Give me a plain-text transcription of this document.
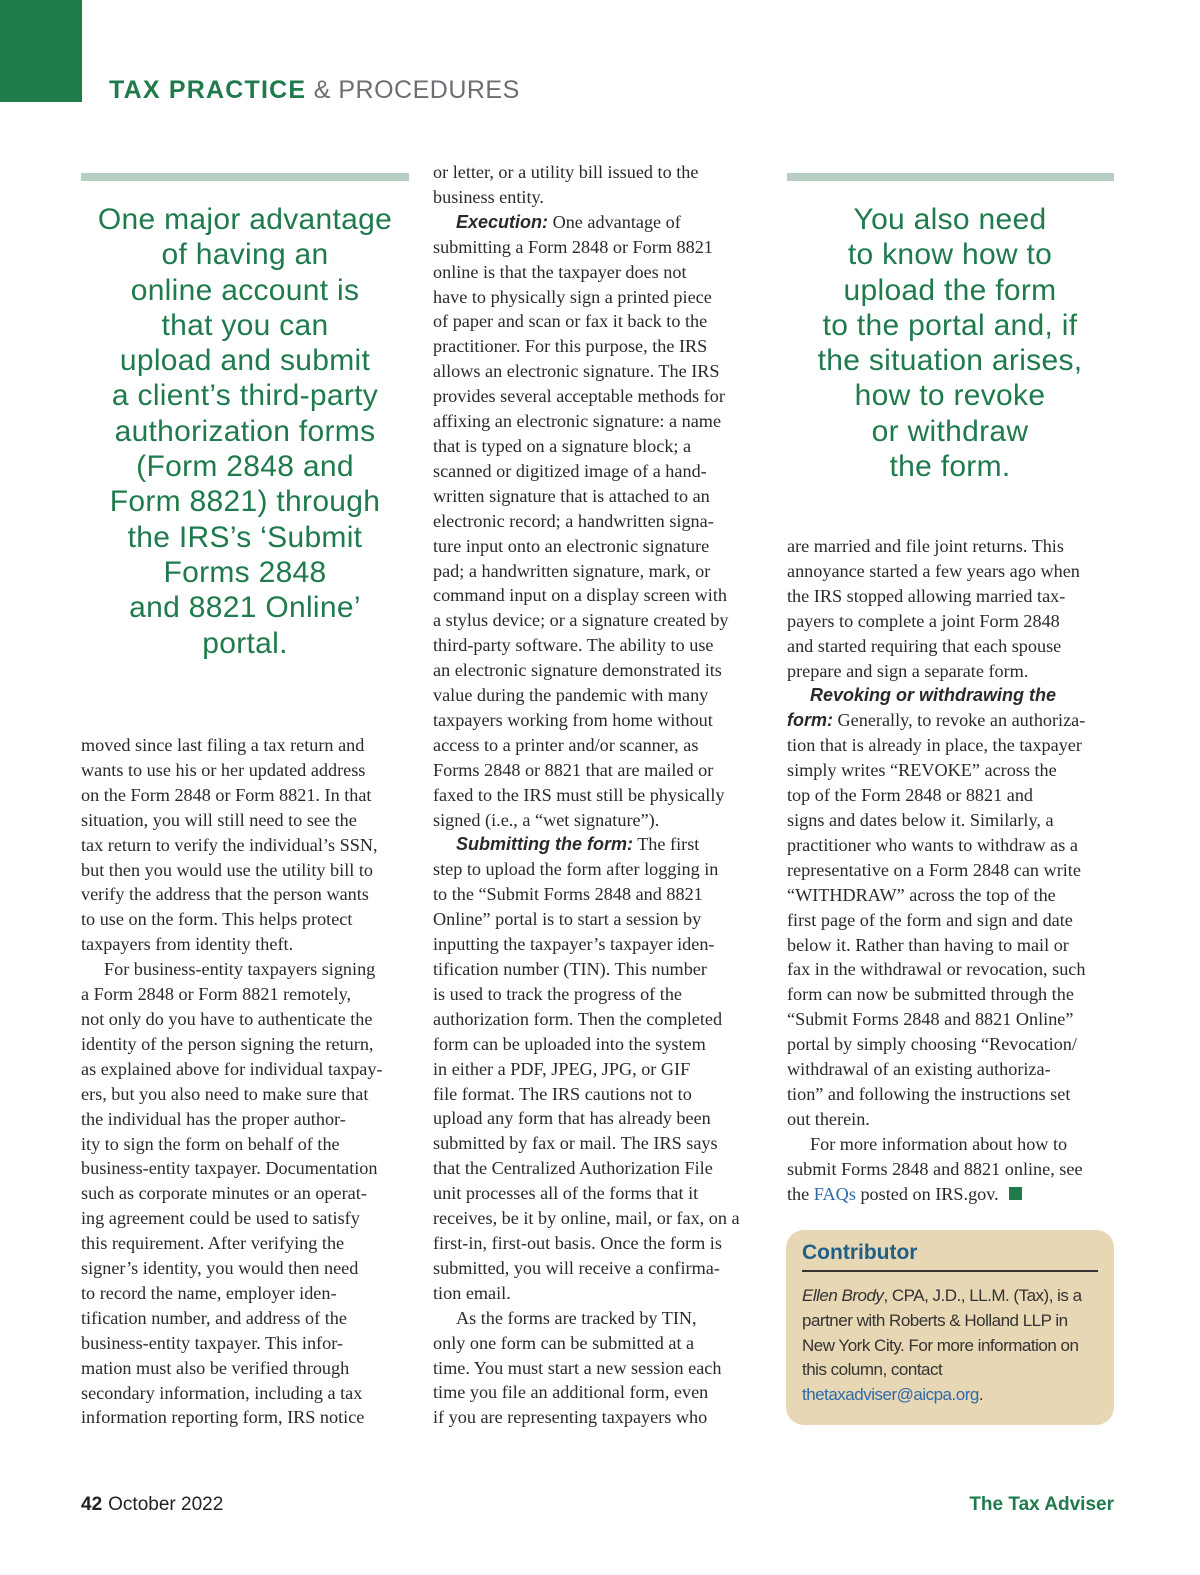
TAX PRACTICE & PROCEDURES
One major advantage
of having an
online account is
that you can
upload and submit
a client’s third-party
authorization forms
(Form 2848 and
Form 8821) through
the IRS’s ‘Submit
Forms 2848
and 8821 Online’
portal.
You also need
to know how to
upload the form
to the portal and, if
the situation arises,
how to revoke
or withdraw
the form.

moved since last filing a tax return and
wants to use his or her updated address
on the Form 2848 or Form 8821. In that
situation, you will still need to see the
tax return to verify the individual’s SSN,
but then you would use the utility bill to
verify the address that the person wants
to use on the form. This helps protect
taxpayers from identity theft.

For business-entity taxpayers signing
a Form 2848 or Form 8821 remotely,
not only do you have to authenticate the
identity of the person signing the return,
as explained above for individual taxpay-
ers, but you also need to make sure that
the individual has the proper author-
ity to sign the form on behalf of the
business-entity taxpayer. Documentation
such as corporate minutes or an operat-
ing agreement could be used to satisfy
this requirement. After verifying the
signer’s identity, you would then need
to record the name, employer iden-
tification number, and address of the
business-entity taxpayer. This infor-
mation must also be verified through
secondary information, including a tax
information reporting form, IRS notice

or letter, or a utility bill issued to the
business entity.

Execution: One advantage of
submitting a Form 2848 or Form 8821
online is that the taxpayer does not
have to physically sign a printed piece
of paper and scan or fax it back to the
practitioner. For this purpose, the IRS
allows an electronic signature. The IRS
provides several acceptable methods for
affixing an electronic signature: a name
that is typed on a signature block; a
scanned or digitized image of a hand-
written signature that is attached to an
electronic record; a handwritten signa-
ture input onto an electronic signature
pad; a handwritten signature, mark, or
command input on a display screen with
a stylus device; or a signature created by
third-party software. The ability to use
an electronic signature demonstrated its
value during the pandemic with many
taxpayers working from home without
access to a printer and/or scanner, as
Forms 2848 or 8821 that are mailed or
faxed to the IRS must still be physically
signed (i.e., a “wet signature”).

Submitting the form: The first
step to upload the form after logging in
to the “Submit Forms 2848 and 8821
Online” portal is to start a session by
inputting the taxpayer’s taxpayer iden-
tification number (TIN). This number
is used to track the progress of the
authorization form. Then the completed
form can be uploaded into the system
in either a PDF, JPEG, JPG, or GIF
file format. The IRS cautions not to
upload any form that has already been
submitted by fax or mail. The IRS says
that the Centralized Authorization File
unit processes all of the forms that it
receives, be it by online, mail, or fax, on a
first-in, first-out basis. Once the form is
submitted, you will receive a confirma-
tion email.

As the forms are tracked by TIN,
only one form can be submitted at a
time. You must start a new session each
time you file an additional form, even
if you are representing taxpayers who

are married and file joint returns. This
annoyance started a few years ago when
the IRS stopped allowing married tax-
payers to complete a joint Form 2848
and started requiring that each spouse
prepare and sign a separate form.

Revoking or withdrawing the
form: Generally, to revoke an authoriza-
tion that is already in place, the taxpayer
simply writes “REVOKE” across the
top of the Form 2848 or 8821 and
signs and dates below it. Similarly, a
practitioner who wants to withdraw as a
representative on a Form 2848 can write
“WITHDRAW” across the top of the
first page of the form and sign and date
below it. Rather than having to mail or
fax in the withdrawal or revocation, such
form can now be submitted through the
“Submit Forms 2848 and 8821 Online”
portal by simply choosing “Revocation/
withdrawal of an existing authoriza-
tion” and following the instructions set
out therein.

For more information about how to
submit Forms 2848 and 8821 online, see
the FAQs posted on IRS.gov.

Contributor
Ellen Brody, CPA, J.D., LL.M. (Tax), is a
partner with Roberts & Holland LLP in
New York City. For more information on
this column, contact
thetaxadviser@aicpa.org.
42 October 2022	The Tax Adviser
